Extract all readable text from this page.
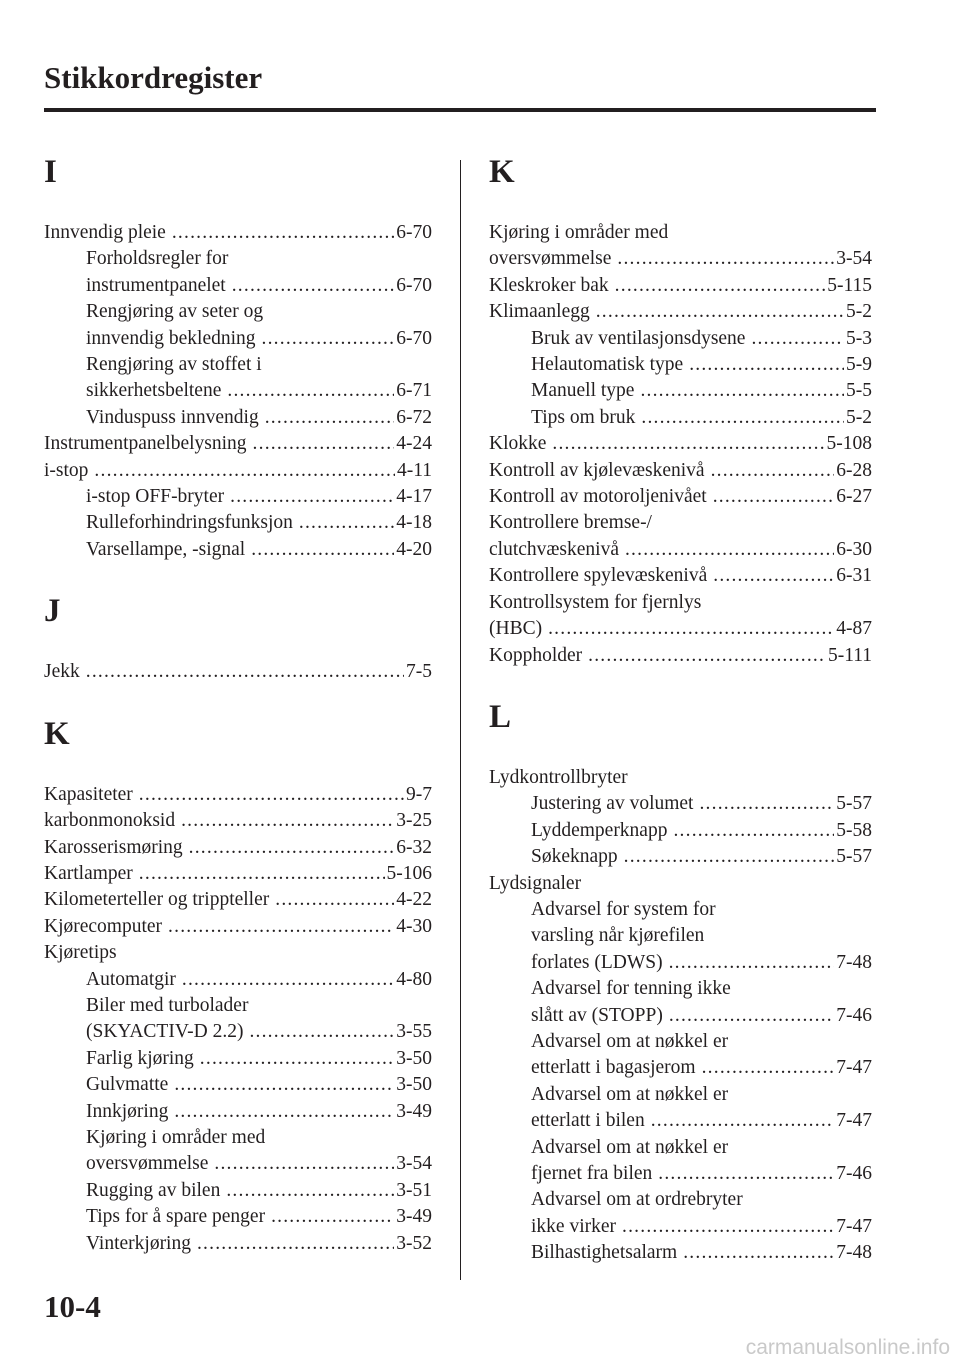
Stikkordregister
I
Innvendig pleie .....	6-70
Forholdsregler for
instrumentpanelet .....	6-70
Rengjøring av seter og
innvendig bekledning .....	6-70
Rengjøring av stoffet i
sikkerhetsbeltene .....	6-71
Vinduspuss innvendig .....	6-72
Instrumentpanelbelysning .....	4-24
i-stop .....	4-11
i-stop OFF-bryter .....	4-17
Rulleforhindringsfunksjon .....	4-18
Varsellampe, -signal .....	4-20
J
Jekk .....	7-5
K
Kapasiteter .....	9-7
karbonmonoksid .....	3-25
Karosserismøring .....	6-32
Kartlamper .....	5-106
Kilometerteller og trippteller .....	4-22
Kjørecomputer .....	4-30
Kjøretips
Automatgir .....	4-80
Biler med turbolader
(SKYACTIV-D 2.2) .....	3-55
Farlig kjøring .....	3-50
Gulvmatte .....	3-50
Innkjøring .....	3-49
Kjøring i områder med
oversvømmelse .....	3-54
Rugging av bilen .....	3-51
Tips for å spare penger .....	3-49
Vinterkjøring .....	3-52
K
Kjøring i områder med
oversvømmelse .....	3-54
Kleskroker bak .....	5-115
Klimaanlegg .....	5-2
Bruk av ventilasjonsdysene .....	5-3
Helautomatisk type .....	5-9
Manuell type .....	5-5
Tips om bruk .....	5-2
Klokke .....	5-108
Kontroll av kjølevæskenivå .....	6-28
Kontroll av motoroljenivået .....	6-27
Kontrollere bremse-/
clutchvæskenivå .....	6-30
Kontrollere spylevæskenivå .....	6-31
Kontrollsystem for fjernlys
(HBC) .....	4-87
Koppholder .....	5-111
L
Lydkontrollbryter
Justering av volumet .....	5-57
Lyddemperknapp .....	5-58
Søkeknapp .....	5-57
Lydsignaler
Advarsel for system for
varsling når kjørefilen
forlates (LDWS) .....	7-48
Advarsel for tenning ikke
slått av (STOPP) .....	7-46
Advarsel om at nøkkel er
etterlatt i bagasjerom .....	7-47
Advarsel om at nøkkel er
etterlatt i bilen .....	7-47
Advarsel om at nøkkel er
fjernet fra bilen .....	7-46
Advarsel om at ordrebryter
ikke virker .....	7-47
Bilhastighetsalarm .....	7-48
10-4
carmanualsonline.info
